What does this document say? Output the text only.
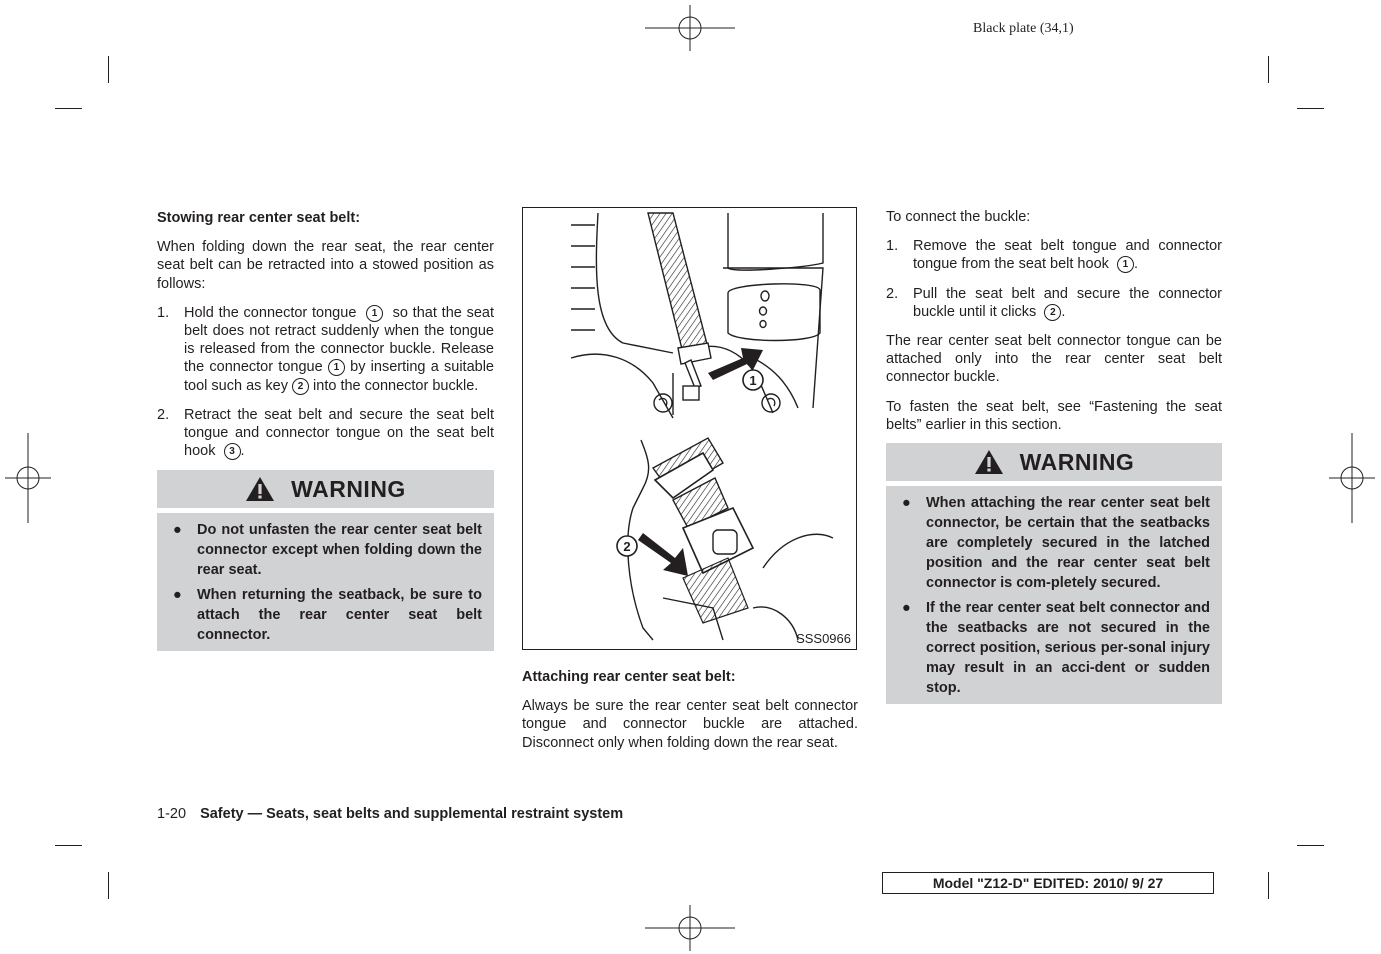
Black plate (34,1)
Stowing rear center seat belt:

When folding down the rear seat, the rear center seat belt can be retracted into a stowed position as follows:

1. Hold the connector tongue 1 so that the seat belt does not retract suddenly when the tongue is released from the connector buckle. Release the connector tongue 1 by inserting a suitable tool such as key 2 into the connector buckle.
2. Retract the seat belt and secure the seat belt tongue and connector tongue on the seat belt hook 3 .
WARNING
● Do not unfasten the rear center seat belt connector except when folding down the rear seat.
● When returning the seatback, be sure to attach the rear center seat belt connector.
1
2
SSS0966
Attaching rear center seat belt:

Always be sure the rear center seat belt connector tongue and connector buckle are attached. Disconnect only when folding down the rear seat.

To connect the buckle:

1. Remove the seat belt tongue and connector tongue from the seat belt hook 1 .
2. Pull the seat belt and secure the connector buckle until it clicks 2 .

The rear center seat belt connector tongue can be attached only into the rear center seat belt connector buckle.

To fasten the seat belt, see “Fastening the seat belts” earlier in this section.

WARNING
● When attaching the rear center seat belt connector, be certain that the seatbacks are completely secured in the latched position and the rear center seat belt connector is com-pletely secured.
● If the rear center seat belt connector and the seatbacks are not secured in the correct position, serious per-sonal injury may result in an acci-dent or sudden stop.
1-20 Safety — Seats, seat belts and supplemental restraint system
Model "Z12-D" EDITED: 2010/ 9/ 27
